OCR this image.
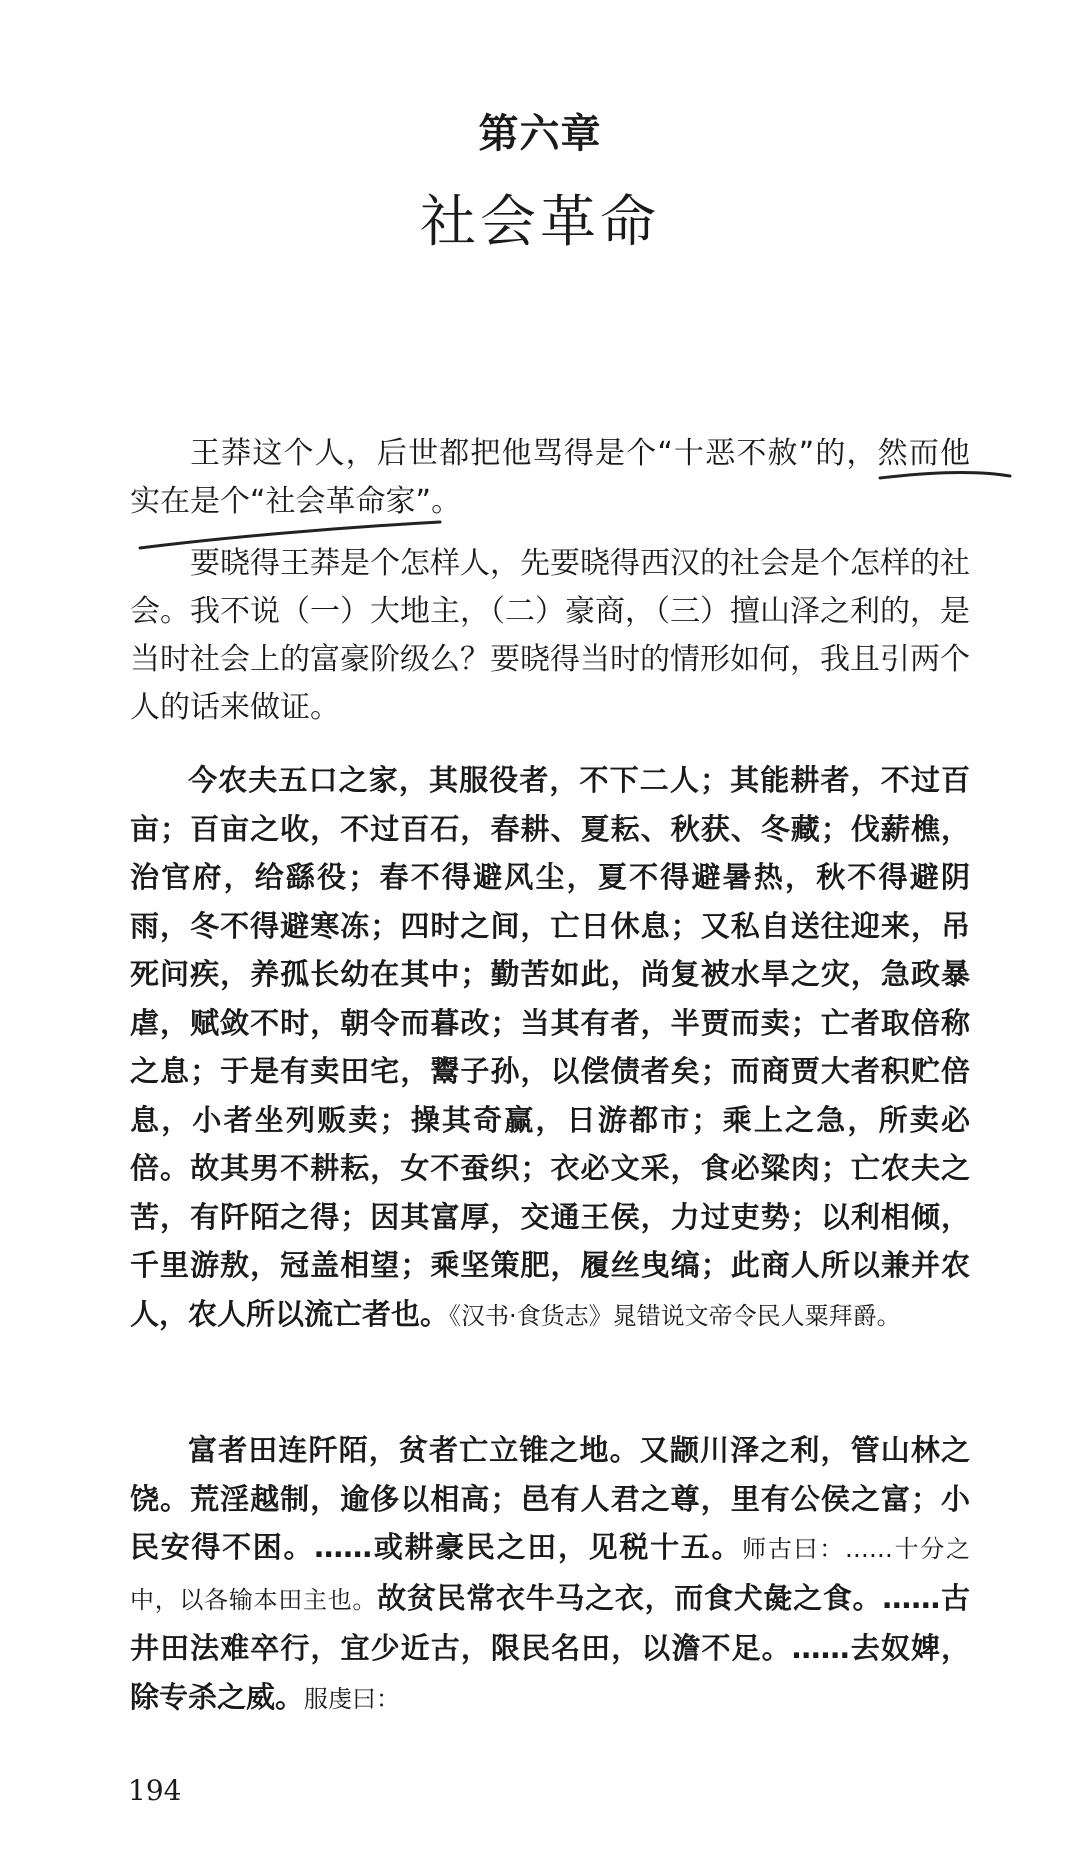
第六章
社会革命

王莽这个人，后世都把他骂得是个“十恶不赦”的，然而他实在是个“社会革命家”。

要晓得王莽是个怎样人，先要晓得西汉的社会是个怎样的社会。我不说（一）大地主，（二）豪商，（三）擅山泽之利的，是当时社会上的富豪阶级么？要晓得当时的情形如何，我且引两个人的话来做证。

今农夫五口之家，其服役者，不下二人；其能耕者，不过百亩；百亩之收，不过百石，春耕、夏耘、秋获、冬藏；伐薪樵，治官府，给繇役；春不得避风尘，夏不得避暑热，秋不得避阴雨，冬不得避寒冻；四时之间，亡日休息；又私自送往迎来，吊死问疾，养孤长幼在其中；勤苦如此，尚复被水旱之灾，急政暴虐，赋敛不时，朝令而暮改；当其有者，半贾而卖；亡者取倍称之息；于是有卖田宅，鬻子孙，以偿债者矣；而商贾大者积贮倍息，小者坐列贩卖；操其奇赢，日游都市；乘上之急，所卖必倍。故其男不耕耘，女不蚕织；衣必文采，食必粱肉；亡农夫之苦，有阡陌之得；因其富厚，交通王侯，力过吏势；以利相倾，千里游敖，冠盖相望；乘坚策肥，履丝曳缟；此商人所以兼并农人，农人所以流亡者也。《汉书·食货志》晁错说文帝令民人粟拜爵。

富者田连阡陌，贫者亡立锥之地。又颛川泽之利，管山林之饶。荒淫越制，逾侈以相高；邑有人君之尊，里有公侯之富；小民安得不困。……或耕豪民之田，见税十五。师古曰：……十分之中，以各输本田主也。故贫民常衣牛马之衣，而食犬彘之食。……古井田法难卒行，宜少近古，限民名田，以澹不足。……去奴婢，除专杀之威。服虔曰：

194
